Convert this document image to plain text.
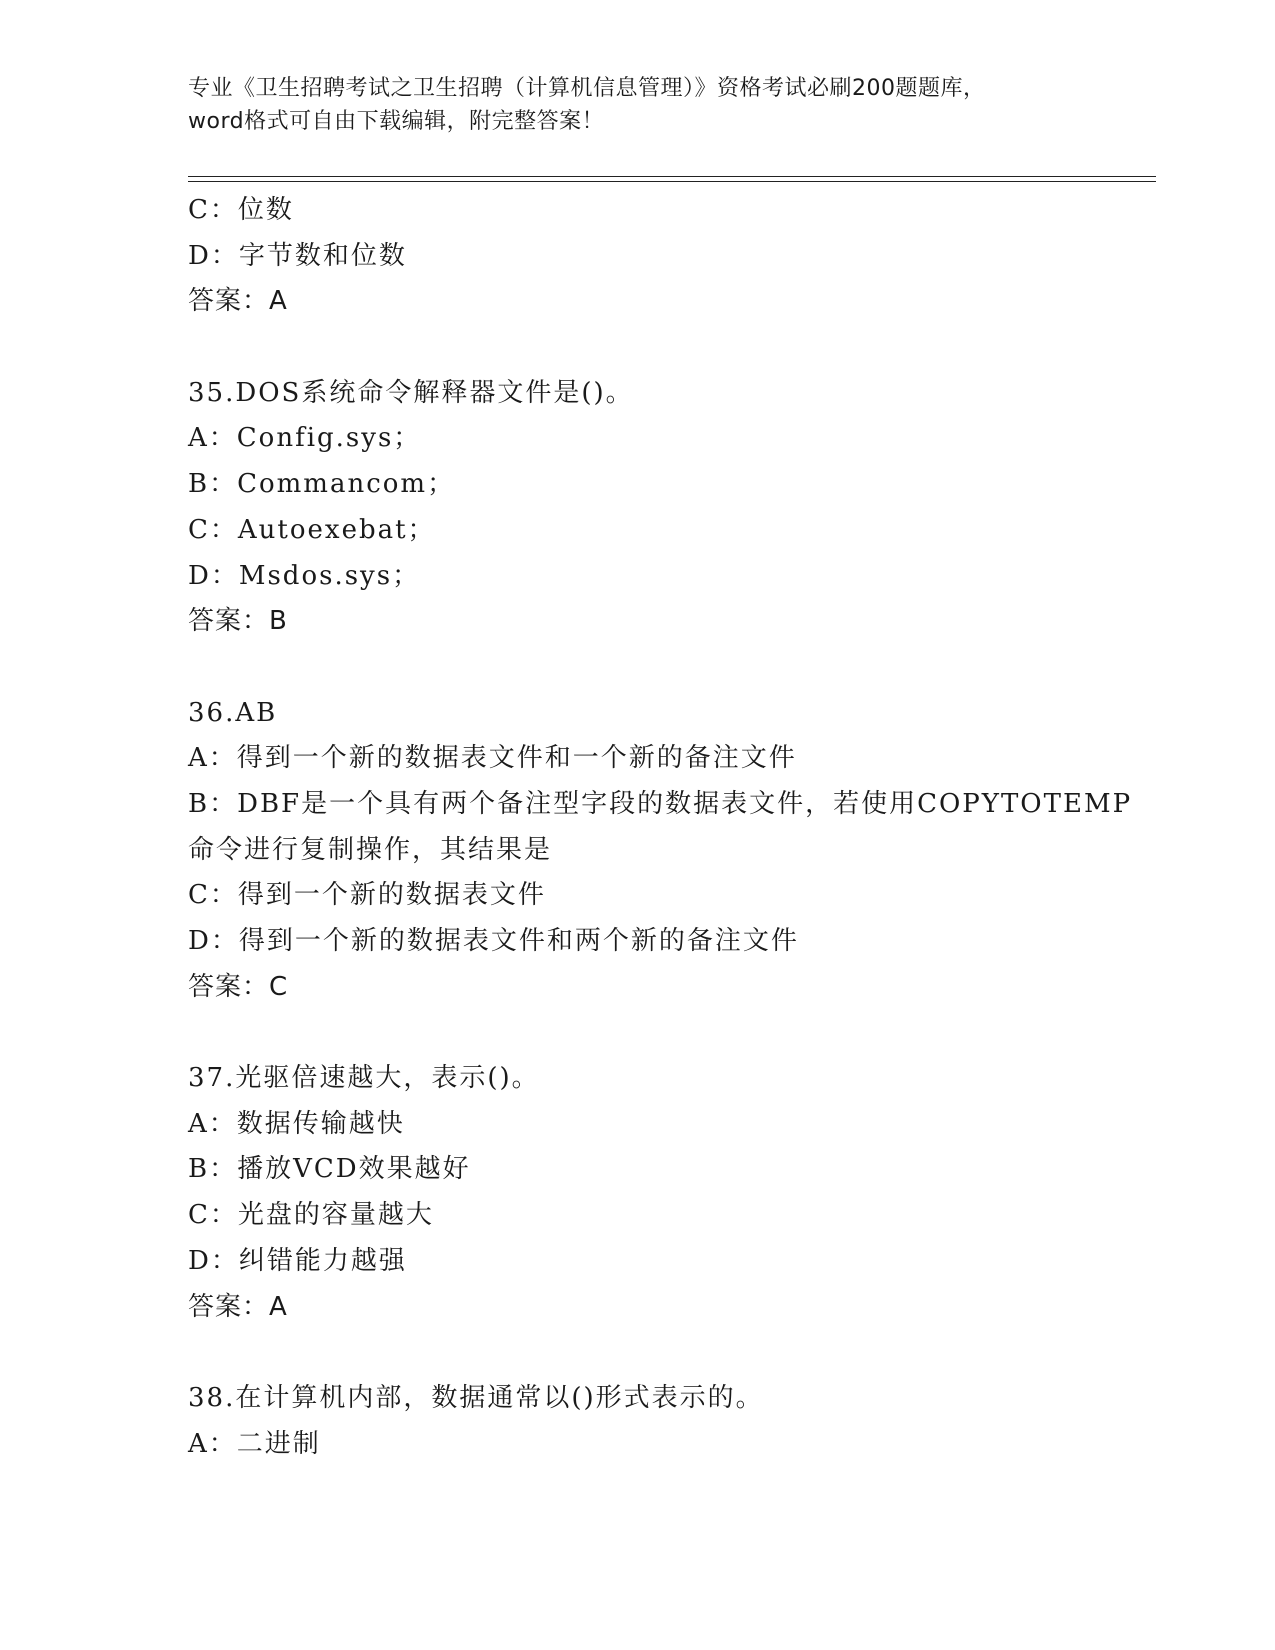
专业《卫生招聘考试之卫生招聘（计算机信息管理）》资格考试必刷200题题库，
word格式可自由下载编辑，附完整答案！
C：位数
D：字节数和位数
答案：A
35.DOS系统命令解释器文件是()。
A：Config.sys；
B：Commancom；
C：Autoexebat；
D：Msdos.sys；
答案：B
36.AB
A：得到一个新的数据表文件和一个新的备注文件
B：DBF是一个具有两个备注型字段的数据表文件，若使用COPYTOTEMP
命令进行复制操作，其结果是
C：得到一个新的数据表文件
D：得到一个新的数据表文件和两个新的备注文件
答案：C
37.光驱倍速越大，表示()。
A：数据传输越快
B：播放VCD效果越好
C：光盘的容量越大
D：纠错能力越强
答案：A
38.在计算机内部，数据通常以()形式表示的。
A：二进制
